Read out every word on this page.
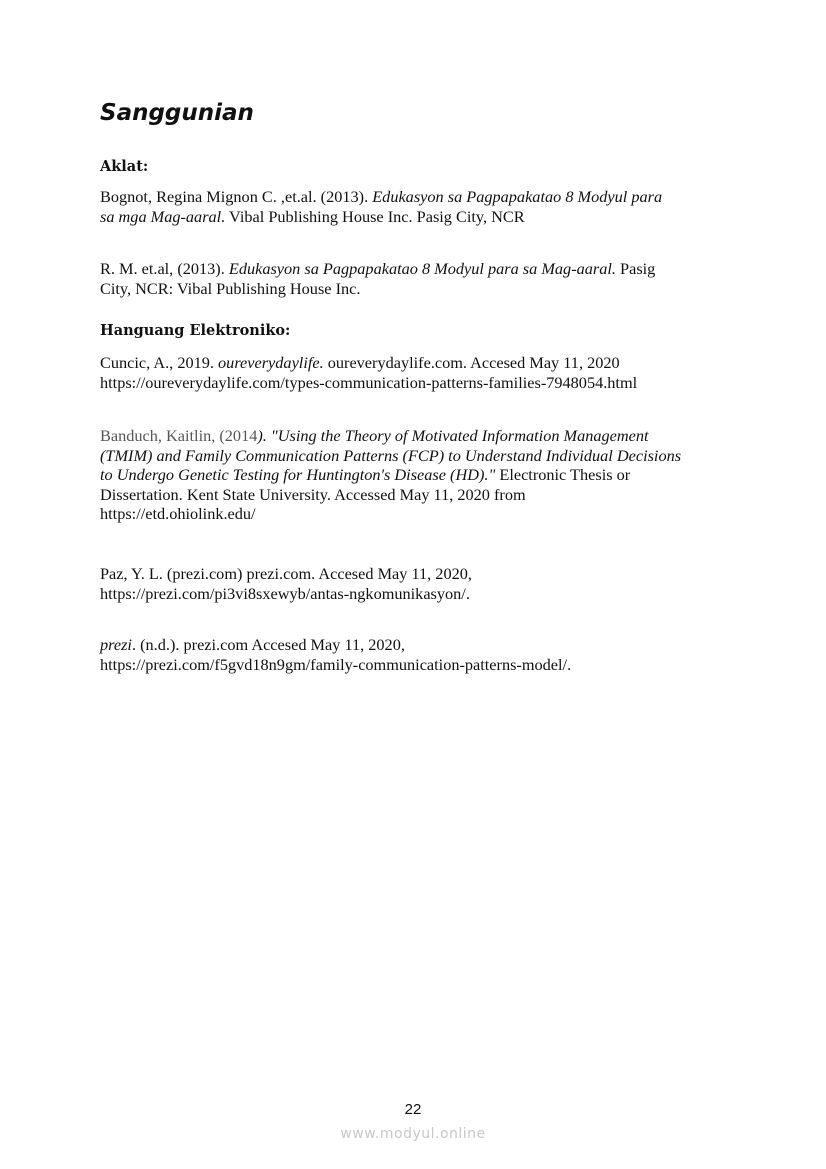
Sanggunian
Aklat:
Bognot, Regina Mignon C. ,et.al. (2013). Edukasyon sa Pagpapakatao 8 Modyul para
sa mga Mag-aaral. Vibal Publishing House Inc. Pasig City, NCR
R. M. et.al, (2013). Edukasyon sa Pagpapakatao 8 Modyul para sa Mag-aaral. Pasig
City, NCR: Vibal Publishing House Inc.
Hanguang Elektroniko:
Cuncic, A., 2019. oureverydaylife. oureverydaylife.com. Accesed May 11, 2020
https://oureverydaylife.com/types-communication-patterns-families-7948054.html
Banduch, Kaitlin, (2014). "Using the Theory of Motivated Information Management
(TMIM) and Family Communication Patterns (FCP) to Understand Individual Decisions
to Undergo Genetic Testing for Huntington's Disease (HD)." Electronic Thesis or
Dissertation. Kent State University. Accessed May 11, 2020 from
https://etd.ohiolink.edu/
Paz, Y. L. (prezi.com) prezi.com. Accesed May 11, 2020,
https://prezi.com/pi3vi8sxewyb/antas-ngkomunikasyon/.
prezi. (n.d.). prezi.com Accesed May 11, 2020,
https://prezi.com/f5gvd18n9gm/family-communication-patterns-model/.
22
www.modyul.online
